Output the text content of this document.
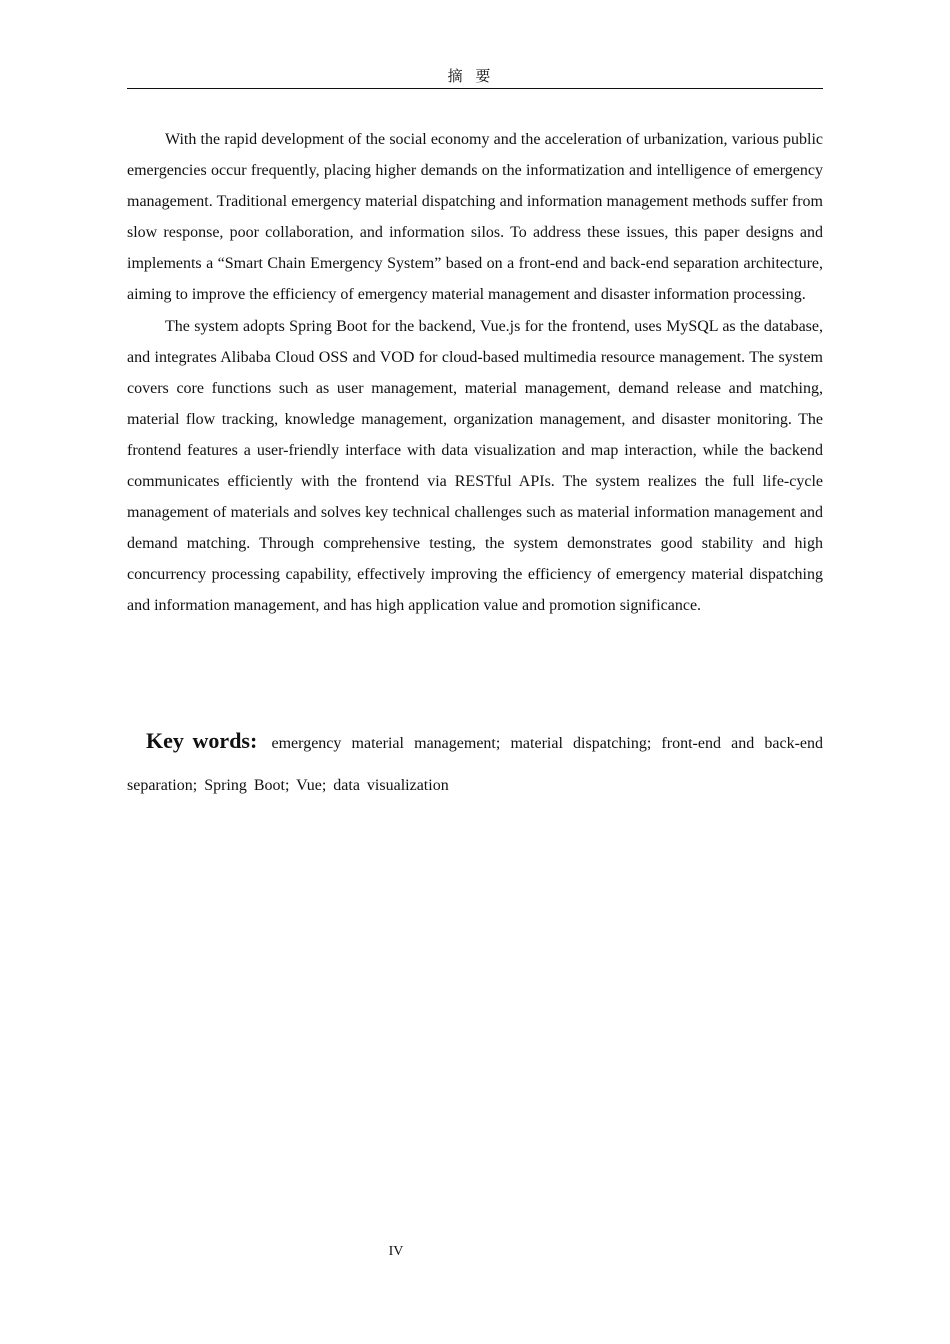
摘 要

With the rapid development of the social economy and the acceleration of urbanization, various public emergencies occur frequently, placing higher demands on the informatization and intelligence of emergency management. Traditional emergency material dispatching and information management methods suffer from slow response, poor collaboration, and information silos. To address these issues, this paper designs and implements a “Smart Chain Emergency System” based on a front-end and back-end separation architecture, aiming to improve the efficiency of emergency material management and disaster information processing.

The system adopts Spring Boot for the backend, Vue.js for the frontend, uses MySQL as the database, and integrates Alibaba Cloud OSS and VOD for cloud-based multimedia resource management. The system covers core functions such as user management, material management, demand release and matching, material flow tracking, knowledge management, organization management, and disaster monitoring. The frontend features a user-friendly interface with data visualization and map interaction, while the backend communicates efficiently with the frontend via RESTful APIs. The system realizes the full life-cycle management of materials and solves key technical challenges such as material information management and demand matching. Through comprehensive testing, the system demonstrates good stability and high concurrency processing capability, effectively improving the efficiency of emergency material dispatching and information management, and has high application value and promotion significance.

Key words: emergency material management; material dispatching; front-end and back-end separation; Spring Boot; Vue; data visualization
IV
